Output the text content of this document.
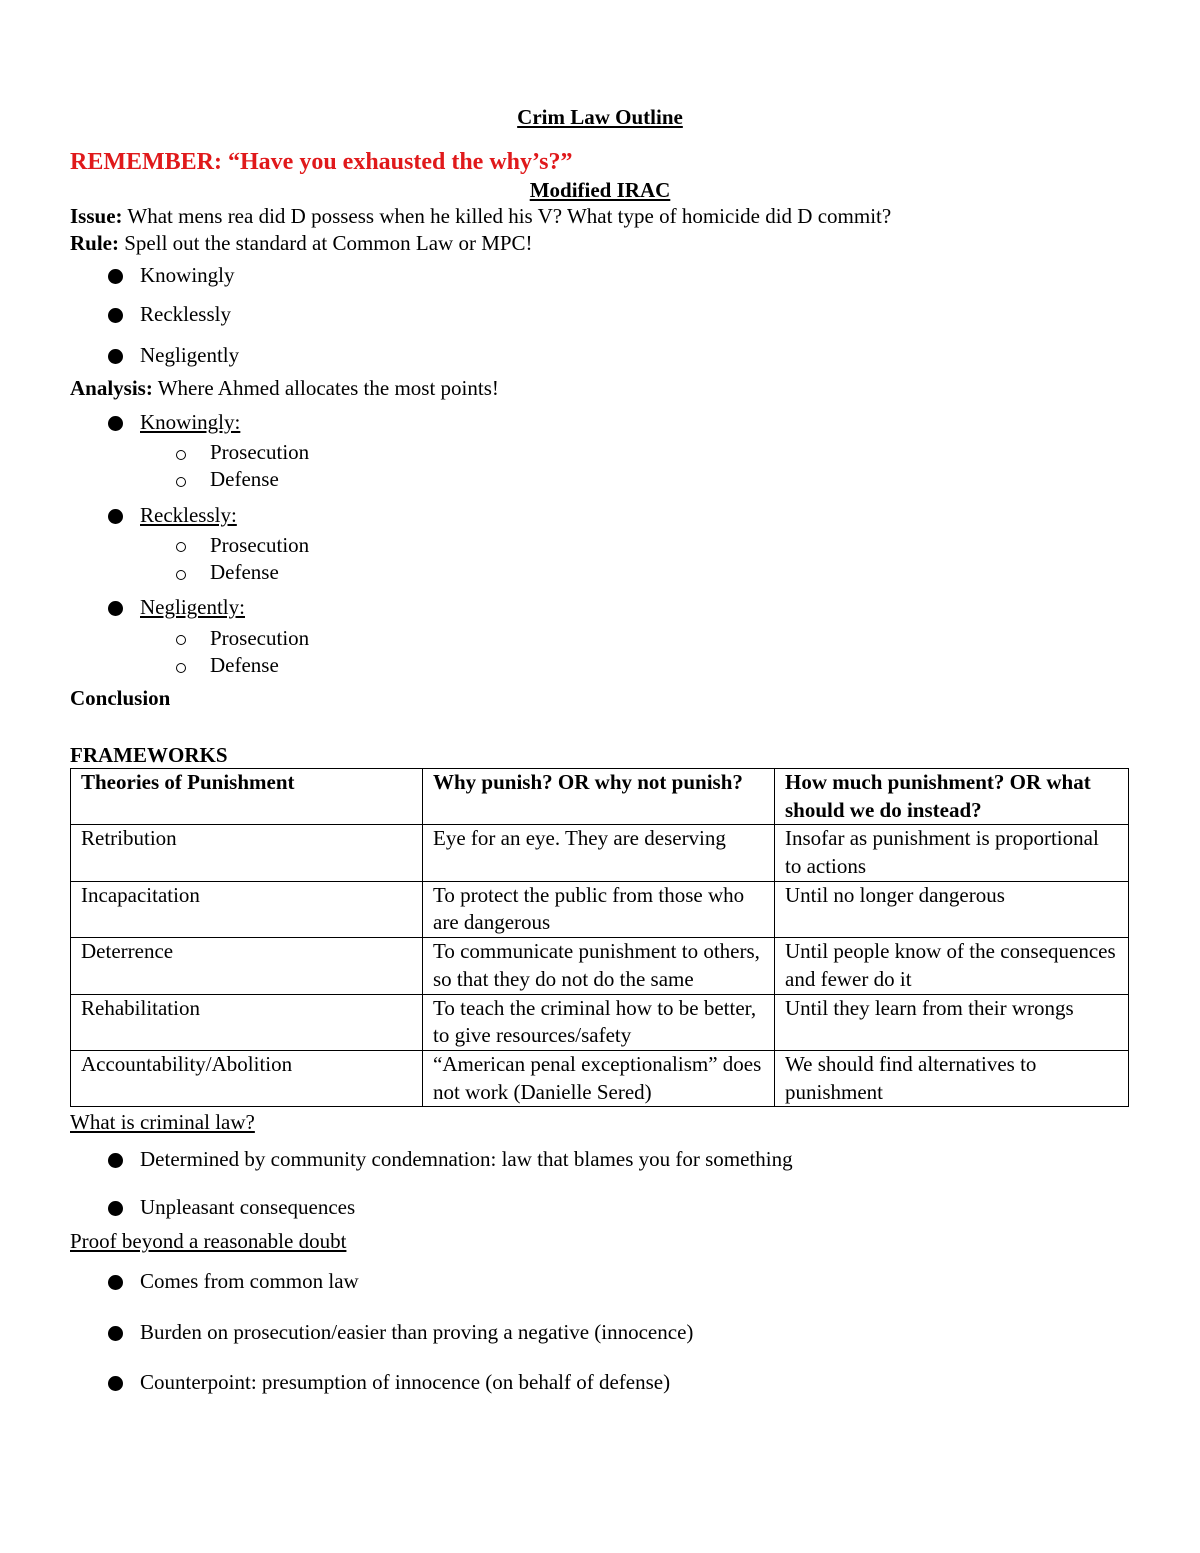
Crim Law Outline

REMEMBER: “Have you exhausted the why’s?”

Modified IRAC

Issue: What mens rea did D possess when he killed his V? What type of homicide did D commit?

Rule: Spell out the standard at Common Law or MPC!

Knowingly
Recklessly
Negligently

Analysis: Where Ahmed allocates the most points!

Knowingly:
Prosecution
Defense
Recklessly:
Prosecution
Defense
Negligently:
Prosecution
Defense

Conclusion

FRAMEWORKS

Theories of Punishment	Why punish? OR why not punish?	How much punishment? OR what should we do instead?
Retribution	Eye for an eye. They are deserving	Insofar as punishment is proportional to actions
Incapacitation	To protect the public from those who are dangerous	Until no longer dangerous
Deterrence	To communicate punishment to others, so that they do not do the same	Until people know of the consequences and fewer do it
Rehabilitation	To teach the criminal how to be better, to give resources/safety	Until they learn from their wrongs
Accountability/Abolition	“American penal exceptionalism” does not work (Danielle Sered)	We should find alternatives to punishment

What is criminal law?

Determined by community condemnation: law that blames you for something
Unpleasant consequences

Proof beyond a reasonable doubt

Comes from common law
Burden on prosecution/easier than proving a negative (innocence)
Counterpoint: presumption of innocence (on behalf of defense)
